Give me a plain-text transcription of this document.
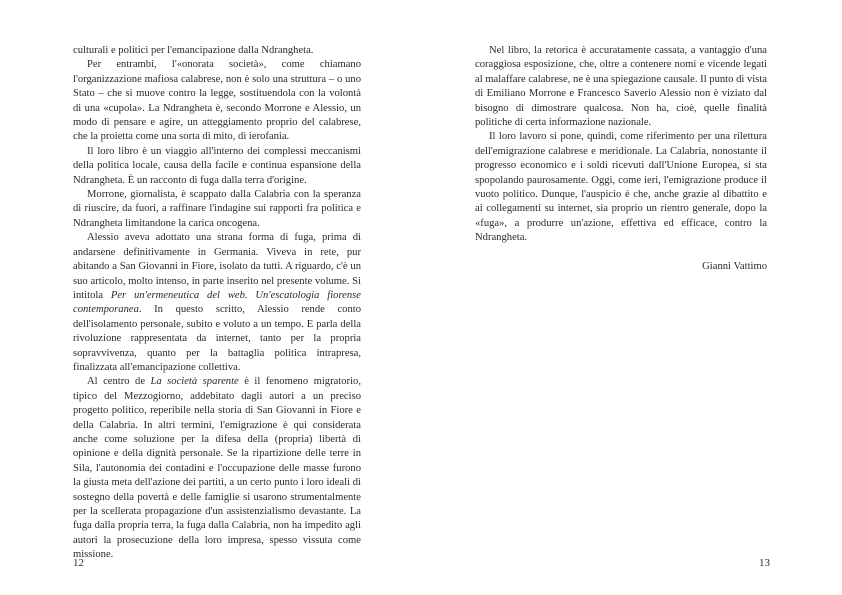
culturali e politici per l'emancipazione dalla Ndrangheta.

Per entrambi, l'«onorata società», come chiamano l'organizzazione mafiosa calabrese, non è solo una struttura – o uno Stato – che si muove contro la legge, sostituendola con la volontà di una «cupola». La Ndrangheta è, secondo Morrone e Alessio, un modo di pensare e agire, un atteggiamento proprio del calabrese, che la proietta come una sorta di mito, di ierofania.

Il loro libro è un viaggio all'interno dei complessi meccanismi della politica locale, causa della facile e continua espansione della Ndrangheta. È un racconto di fuga dalla terra d'origine.

Morrone, giornalista, è scappato dalla Calabria con la speranza di riuscire, da fuori, a raffinare l'indagine sui rapporti fra politica e Ndrangheta limitandone la carica oncogena.

Alessio aveva adottato una strana forma di fuga, prima di andarsene definitivamente in Germania. Viveva in rete, pur abitando a San Giovanni in Fiore, isolato da tutti. A riguardo, c'è un suo articolo, molto intenso, in parte inserito nel presente volume. Si intitola Per un'ermeneutica del web. Un'escatologia fiorense contemporanea. In questo scritto, Alessio rende conto dell'isolamento personale, subito e voluto a un tempo. E parla della rivoluzione rappresentata da internet, tanto per la propria sopravvivenza, quanto per la battaglia politica intrapresa, finalizzata all'emancipazione collettiva.

Al centro de La società sparente è il fenomeno migratorio, tipico del Mezzogiorno, addebitato dagli autori a un preciso progetto politico, reperibile nella storia di San Giovanni in Fiore e della Calabria. In altri termini, l'emigrazione è qui considerata anche come soluzione per la difesa della (propria) libertà di opinione e della dignità personale. Se la ripartizione delle terre in Sila, l'autonomia dei contadini e l'occupazione delle masse furono la giusta meta dell'azione dei partiti, a un certo punto i loro ideali di sostegno della povertà e delle famiglie si usarono strumentalmente per la scellerata propagazione d'un assistenzialismo devastante. La fuga dalla propria terra, la fuga dalla Calabria, non ha impedito agli autori la prosecuzione della loro impresa, spesso vissuta come missione.

12

Nel libro, la retorica è accuratamente cassata, a vantaggio d'una coraggiosa esposizione, che, oltre a contenere nomi e vicende legati al malaffare calabrese, ne è una spiegazione causale. Il punto di vista di Emiliano Morrone e Francesco Saverio Alessio non è viziato dal bisogno di dimostrare qualcosa. Non ha, cioè, quelle finalità politiche di certa informazione nazionale.

Il loro lavoro si pone, quindi, come riferimento per una rilettura dell'emigrazione calabrese e meridionale. La Calabria, nonostante il progresso economico e i soldi ricevuti dall'Unione Europea, si sta spopolando paurosamente. Oggi, come ieri, l'emigrazione produce il vuoto politico. Dunque, l'auspicio è che, anche grazie al dibattito e ai collegamenti su internet, sia proprio un rientro generale, dopo la «fuga», a produrre un'azione, effettiva ed efficace, contro la Ndrangheta.

Gianni Vattimo

13
